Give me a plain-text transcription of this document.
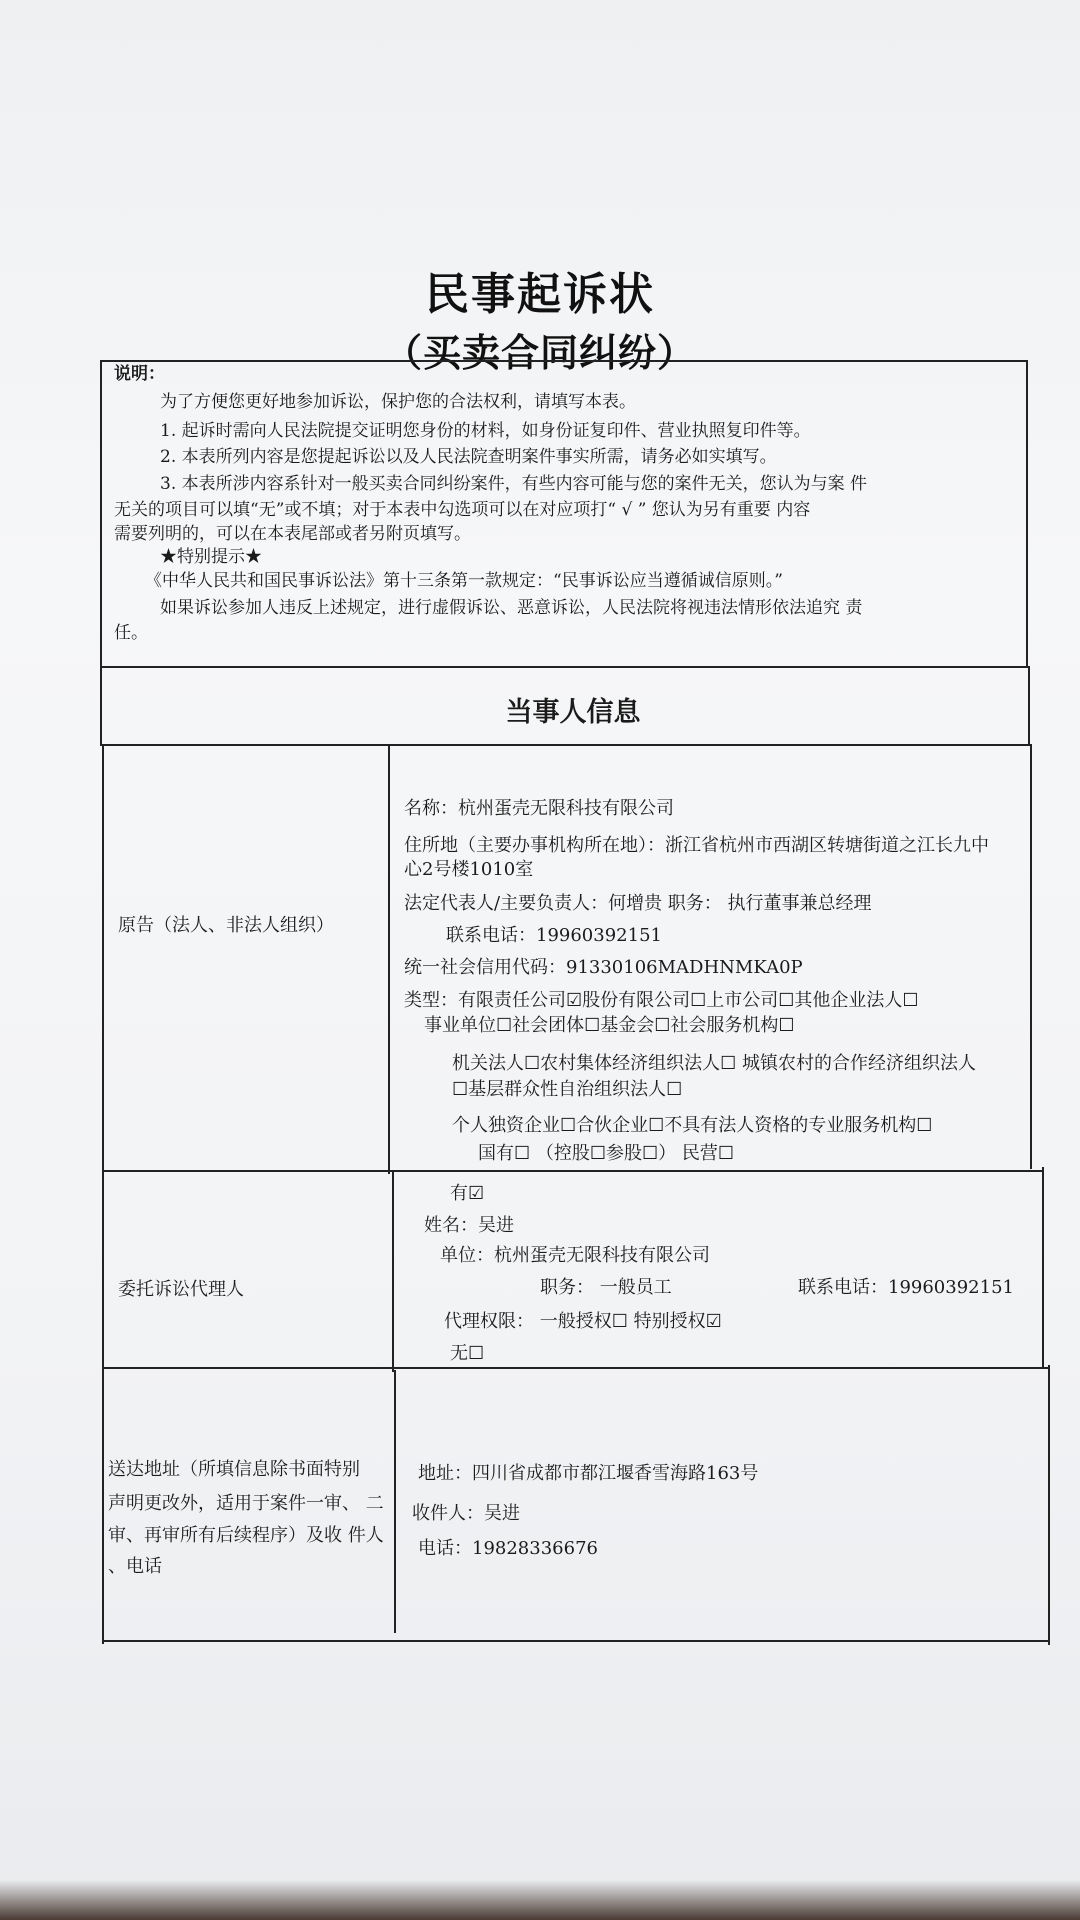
民事起诉状
（买卖合同纠纷）
说明：
为了方便您更好地参加诉讼，保护您的合法权利，请填写本表。
1. 起诉时需向人民法院提交证明您身份的材料，如身份证复印件、营业执照复印件等。
2. 本表所列内容是您提起诉讼以及人民法院查明案件事实所需，请务必如实填写。
3. 本表所涉内容系针对一般买卖合同纠纷案件，有些内容可能与您的案件无关，您认为与案 件
无关的项目可以填“无”或不填；对于本表中勾选项可以在对应项打“ √ ” 您认为另有重要 内容
需要列明的，可以在本表尾部或者另附页填写。
★特别提示★
《中华人民共和国民事诉讼法》第十三条第一款规定：“民事诉讼应当遵循诚信原则。”
如果诉讼参加人违反上述规定，进行虚假诉讼、恶意诉讼，人民法院将视违法情形依法追究 责
任。
当事人信息
原告（法人、非法人组织）
名称：杭州蛋壳无限科技有限公司
住所地（主要办事机构所在地）：浙江省杭州市西湖区转塘街道之江长九中
心2号楼1010室
法定代表人/主要负责人：何增贵 职务： 执行董事兼总经理
联系电话：19960392151
统一社会信用代码：91330106MADHNMKA0P
类型：有限责任公司☑股份有限公司☐上市公司☐其他企业法人☐
事业单位☐社会团体☐基金会☐社会服务机构☐
机关法人☐农村集体经济组织法人☐ 城镇农村的合作经济组织法人
☐基层群众性自治组织法人☐
个人独资企业☐合伙企业☐不具有法人资格的专业服务机构☐
国有☐ （控股☐参股☐） 民营☐
委托诉讼代理人
有☑
姓名：吴进
单位：杭州蛋壳无限科技有限公司
职务： 一般员工	联系电话：19960392151
代理权限： 一般授权☐ 特别授权☑
无☐
送达地址（所填信息除书面特别
声明更改外，适用于案件一审、 二
审、再审所有后续程序）及收 件人
、电话
地址：四川省成都市都江堰香雪海路163号
收件人：吴进
电话：19828336676
